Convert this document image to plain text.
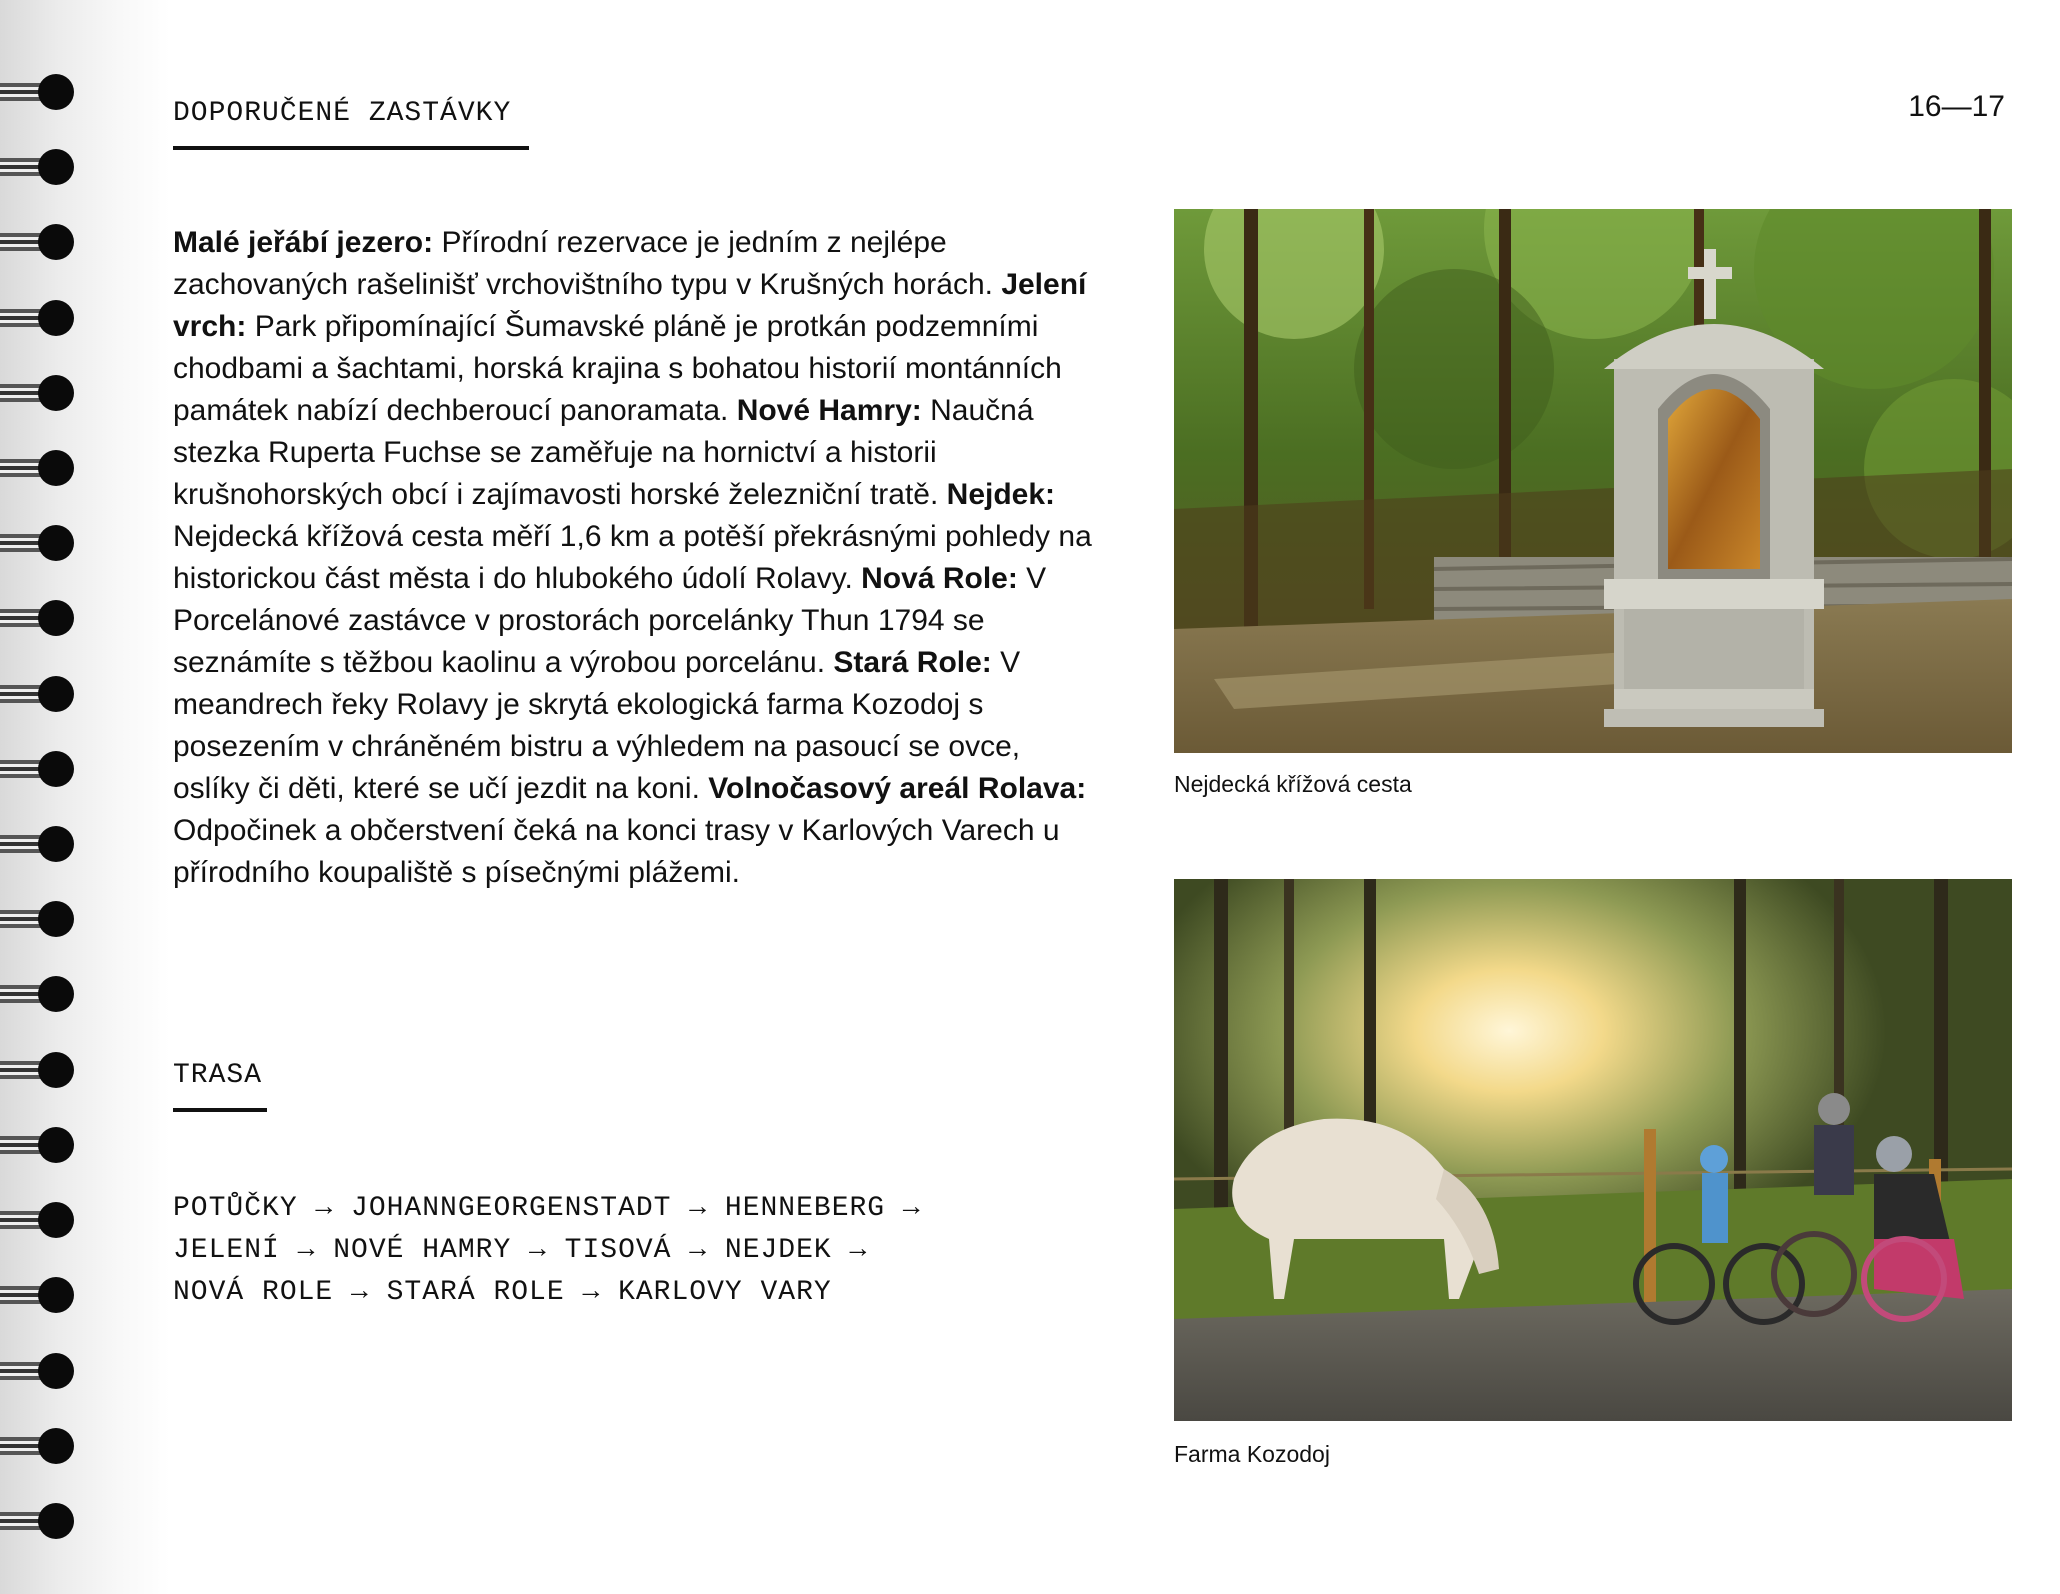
DOPORUČENÉ ZASTÁVKY	16—17

Malé jeřábí jezero: Přírodní rezervace je jedním z nejlépe zachovaných rašelinišť vrchovištního typu v Krušných horách. Jelení vrch: Park připomínající Šumavské pláně je protkán podzemními chodbami a šachtami, horská krajina s bohatou historií montánních památek nabízí dechberoucí panoramata. Nové Hamry: Naučná stezka Ruperta Fuchse se zaměřuje na hornictví a historii krušnohorských obcí i zajímavosti horské železniční tratě. Nejdek: Nejdecká křížová cesta měří 1,6 km a potěší překrásnými pohledy na historickou část města i do hlubokého údolí Rolavy. Nová Role: V Porcelánové zastávce v prostorách porcelánky Thun 1794 se seznámíte s těžbou kaolinu a výrobou porcelánu. Stará Role: V meandrech řeky Rolavy je skrytá ekologická farma Kozodoj s posezením v chráněném bistru a výhledem na pasoucí se ovce, oslíky či děti, které se učí jezdit na koni. Volnočasový areál Rolava: Odpočinek a občerstvení čeká na konci trasy v Karlových Varech u přírodního koupaliště s písečnými plážemi.

TRASA
POTŮČKY → JOHANNGEORGENSTADT → HENNEBERG →
JELENÍ → NOVÉ HAMRY → TISOVÁ → NEJDEK →
NOVÁ ROLE → STARÁ ROLE → KARLOVY VARY
Nejdecká křížová cesta
Farma Kozodoj
